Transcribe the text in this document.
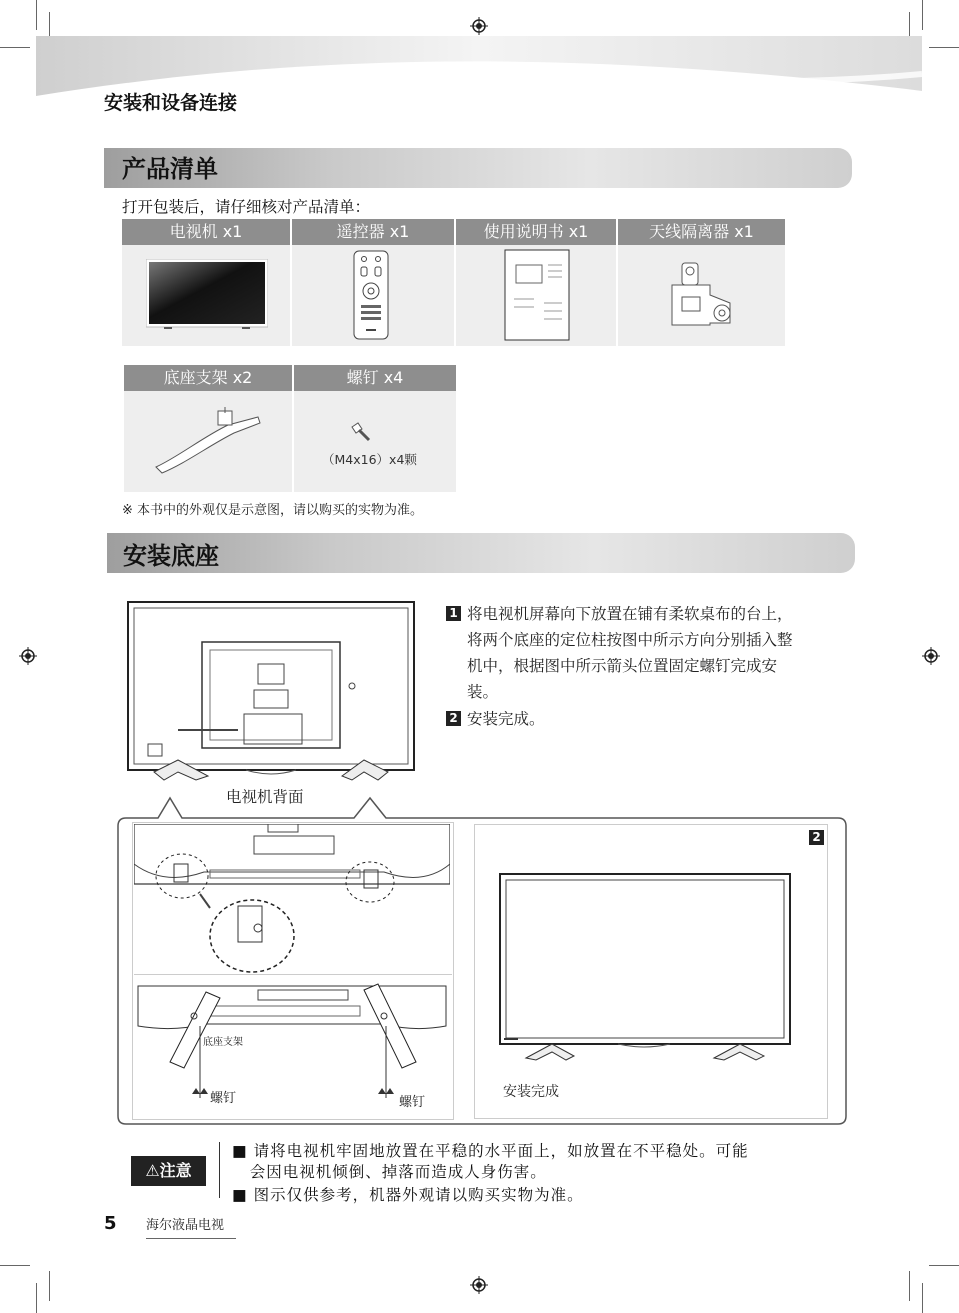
安装和设备连接
产品清单
打开包装后，请仔细核对产品清单：
电视机 x1	遥控器 x1	使用说明书 x1	天线隔离器 x1
底座支架 x2	螺钉 x4
（M4x16）x4颗
※ 本书中的外观仅是示意图，请以购买的实物为准。
安装底座
1 将电视机屏幕向下放置在铺有柔软桌布的台上，
将两个底座的定位柱按图中所示方向分别插入整
机中，根据图中所示箭头位置固定螺钉完成安
装。
2 安装完成。
电视机背面
底座支架
螺钉	螺钉
2
安装完成
⚠注意
■ 请将电视机牢固地放置在平稳的水平面上，如放置在不平稳处。可能
会因电视机倾倒、掉落而造成人身伤害。
■ 图示仅供参考，机器外观请以购买实物为准。
5 海尔液晶电视
